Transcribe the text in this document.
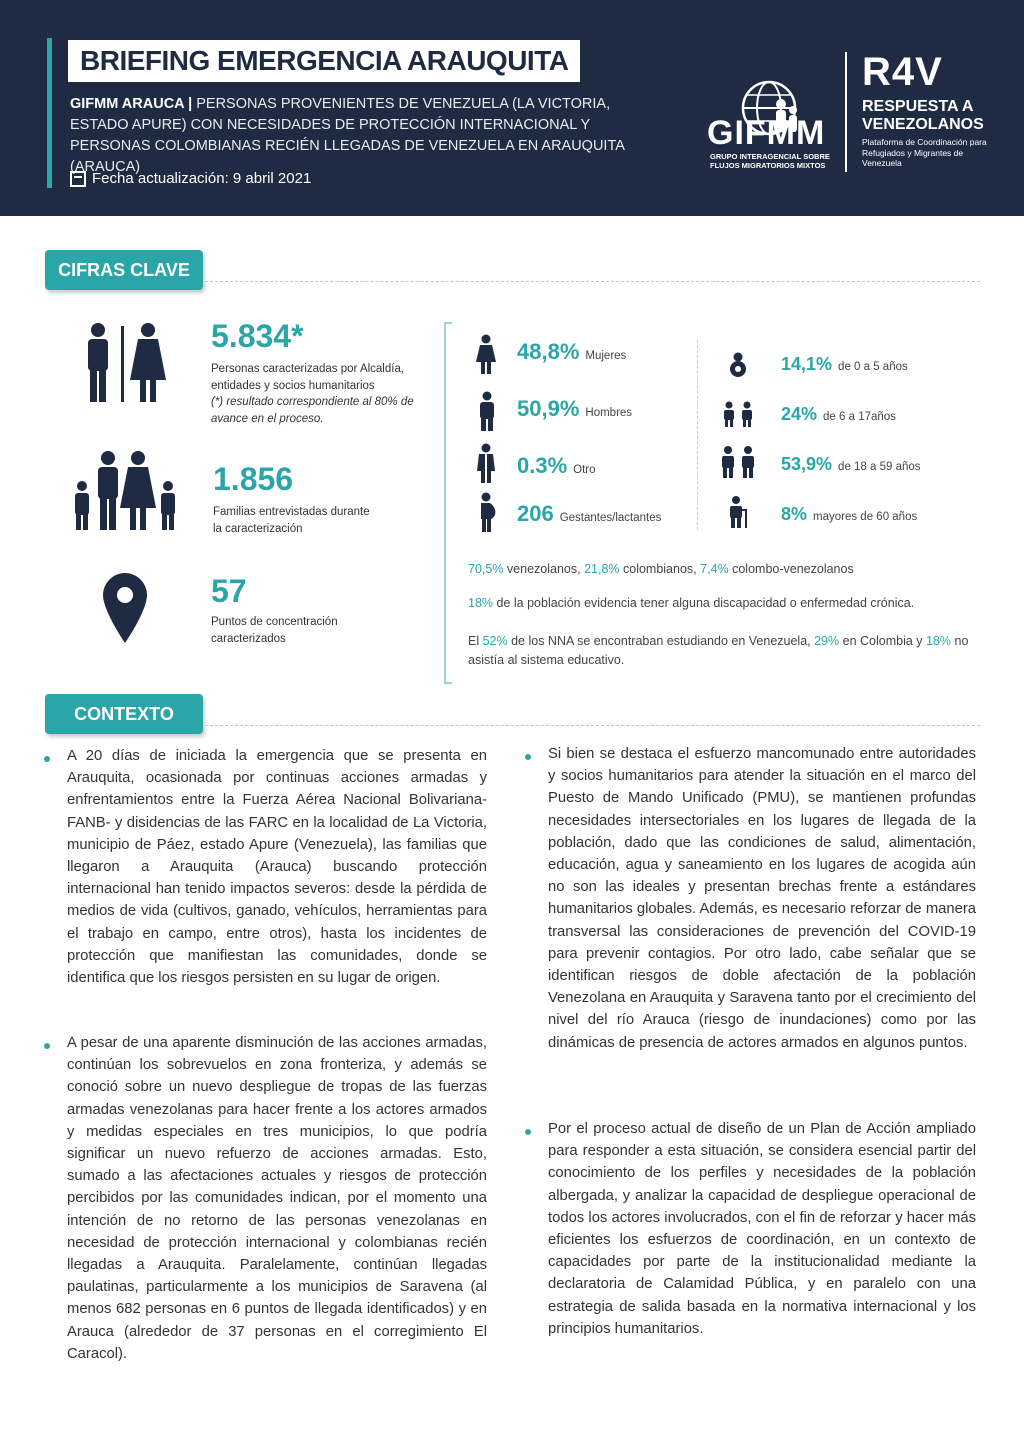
BRIEFING EMERGENCIA ARAUQUITA
GIFMM ARAUCA | PERSONAS PROVENIENTES DE VENEZUELA (LA VICTORIA, ESTADO APURE) CON NECESIDADES DE PROTECCIÓN INTERNACIONAL Y PERSONAS COLOMBIANAS RECIÉN LLEGADAS DE VENEZUELA EN ARAUQUITA (ARAUCA)
Fecha actualización: 9 abril 2021
GIFMM
GRUPO INTERAGENCIAL SOBRE FLUJOS MIGRATORIOS MIXTOS
R4V
RESPUESTA A VENEZOLANOS
Plataforma de Coordinación para Refugiados y Migrantes de Venezuela
CIFRAS CLAVE
5.834*
Personas caracterizadas por Alcaldía, entidades y socios humanitarios
(*) resultado correspondiente al 80% de avance en el proceso.
1.856
Familias entrevistadas durante la caracterización
57
Puntos de concentración caracterizados
48,8% Mujeres
50,9% Hombres
0.3% Otro
206 Gestantes/lactantes
14,1% de 0 a 5 años
24% de 6 a 17años
53,9% de 18 a 59 años
8% mayores de 60 años
70,5% venezolanos, 21,8% colombianos, 7,4% colombo-venezolanos
18% de la población evidencia tener alguna discapacidad o enfermedad crónica.
El 52% de los NNA se encontraban estudiando en Venezuela, 29% en Colombia y 18% no asistía al sistema educativo.
CONTEXTO
A 20 días de iniciada la emergencia que se presenta en Arauquita, ocasionada por continuas acciones armadas y enfrentamientos entre la Fuerza Aérea Nacional Bolivariana- FANB- y disidencias de las FARC en la localidad de La Victoria, municipio de Páez, estado Apure (Venezuela), las familias que llegaron a Arauquita (Arauca) buscando protección internacional han tenido impactos severos: desde la pérdida de medios de vida (cultivos, ganado, vehículos, herramientas para el trabajo en campo, entre otros), hasta los incidentes de protección que manifiestan las comunidades, donde se identifica que los riesgos persisten en su lugar de origen.
A pesar de una aparente disminución de las acciones armadas, continúan los sobrevuelos en zona fronteriza, y además se conoció sobre un nuevo despliegue de tropas de las fuerzas armadas venezolanas para hacer frente a los actores armados y medidas especiales en tres municipios, lo que podría significar un nuevo refuerzo de acciones armadas. Esto, sumado a las afectaciones actuales y riesgos de protección percibidos por las comunidades indican, por el momento una intención de no retorno de las personas venezolanas en necesidad de protección internacional y colombianas recién llegadas a Arauquita. Paralelamente, continúan llegadas paulatinas, particularmente a los municipios de Saravena (al menos 682 personas en 6 puntos de llegada identificados) y en Arauca (alrededor de 37 personas en el corregimiento El Caracol).
Si bien se destaca el esfuerzo mancomunado entre autoridades y socios humanitarios para atender la situación en el marco del Puesto de Mando Unificado (PMU), se mantienen profundas necesidades intersectoriales en los lugares de llegada de la población, dado que las condiciones de salud, alimentación, educación, agua y saneamiento en los lugares de acogida aún no son las ideales y presentan brechas frente a estándares humanitarios globales. Además, es necesario reforzar de manera transversal las consideraciones de prevención del COVID-19 para prevenir contagios. Por otro lado, cabe señalar que se identifican riesgos de doble afectación de la población Venezolana en Arauquita y Saravena tanto por el crecimiento del nivel del río Arauca (riesgo de inundaciones) como por las dinámicas de presencia de actores armados en algunos puntos.
Por el proceso actual de diseño de un Plan de Acción ampliado para responder a esta situación, se considera esencial partir del conocimiento de los perfiles y necesidades de la población albergada, y analizar la capacidad de despliegue operacional de todos los actores involucrados, con el fin de reforzar y hacer más eficientes los esfuerzos de coordinación, en un contexto de capacidades por parte de la institucionalidad mediante la declaratoria de Calamidad Pública, y en paralelo con una estrategia de salida basada en la normativa internacional y los principios humanitarios.
